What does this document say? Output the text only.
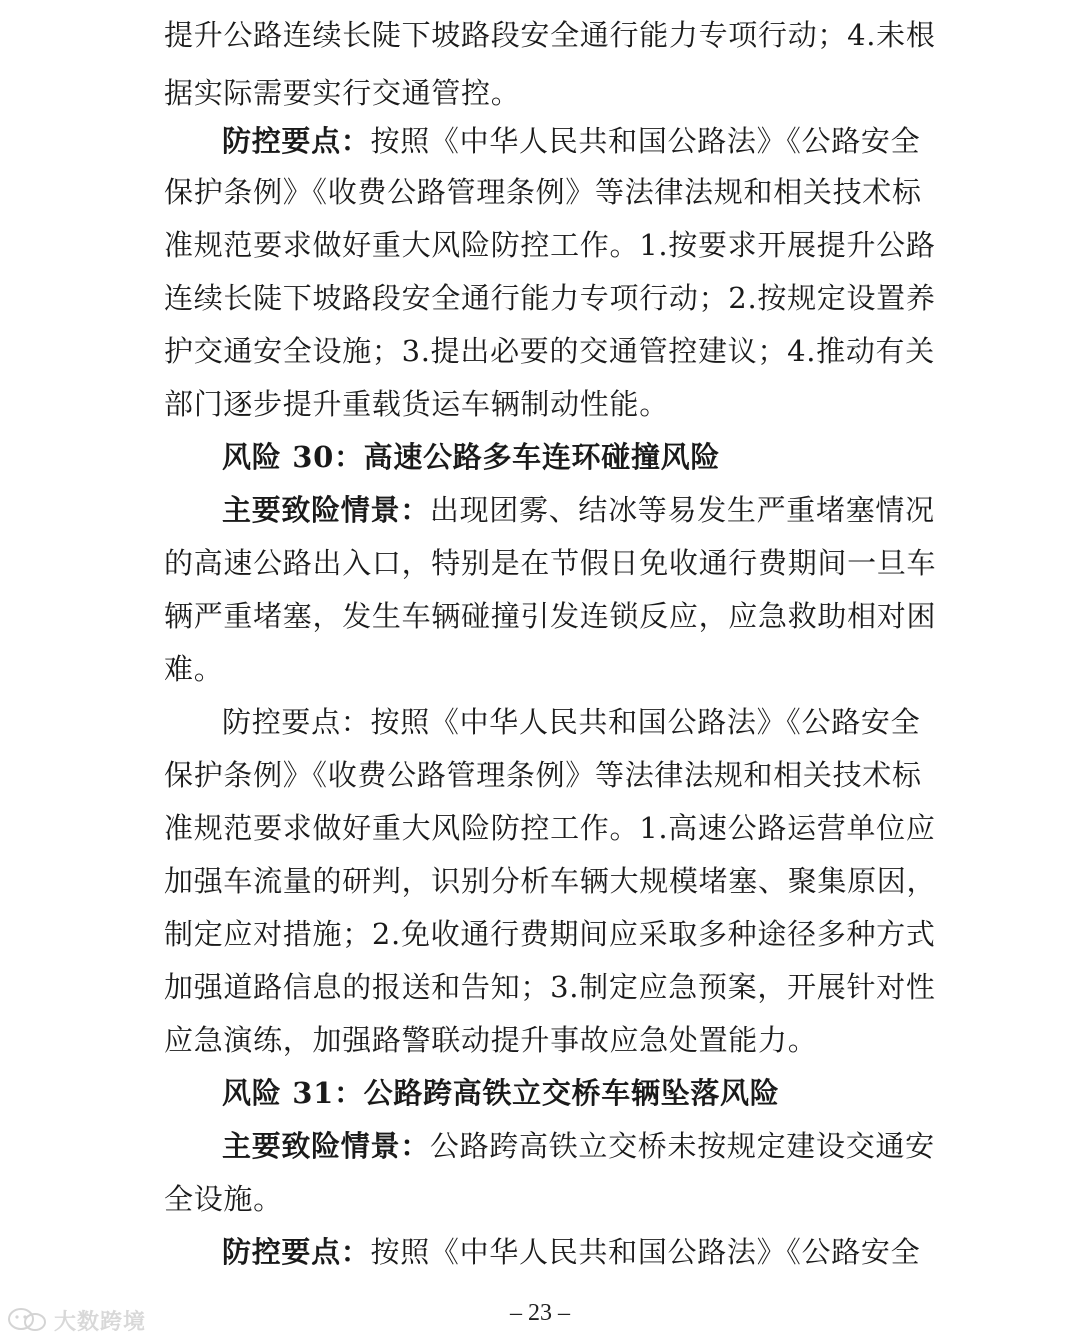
提升公路连续长陡下坡路段安全通行能力专项行动；4.未根
据实际需要实行交通管控。
防控要点：按照《中华人民共和国公路法》《公路安全
保护条例》《收费公路管理条例》等法律法规和相关技术标
准规范要求做好重大风险防控工作。1.按要求开展提升公路
连续长陡下坡路段安全通行能力专项行动；2.按规定设置养
护交通安全设施；3.提出必要的交通管控建议；4.推动有关
部门逐步提升重载货运车辆制动性能。
风险 30：高速公路多车连环碰撞风险
主要致险情景：出现团雾、结冰等易发生严重堵塞情况
的高速公路出入口，特别是在节假日免收通行费期间一旦车
辆严重堵塞，发生车辆碰撞引发连锁反应，应急救助相对困
难。
防控要点：按照《中华人民共和国公路法》《公路安全
保护条例》《收费公路管理条例》等法律法规和相关技术标
准规范要求做好重大风险防控工作。1.高速公路运营单位应
加强车流量的研判，识别分析车辆大规模堵塞、聚集原因，
制定应对措施；2.免收通行费期间应采取多种途径多种方式
加强道路信息的报送和告知；3.制定应急预案，开展针对性
应急演练，加强路警联动提升事故应急处置能力。
风险 31：公路跨高铁立交桥车辆坠落风险
主要致险情景：公路跨高铁立交桥未按规定建设交通安
全设施。
防控要点：按照《中华人民共和国公路法》《公路安全
– 23 –
大数跨境
